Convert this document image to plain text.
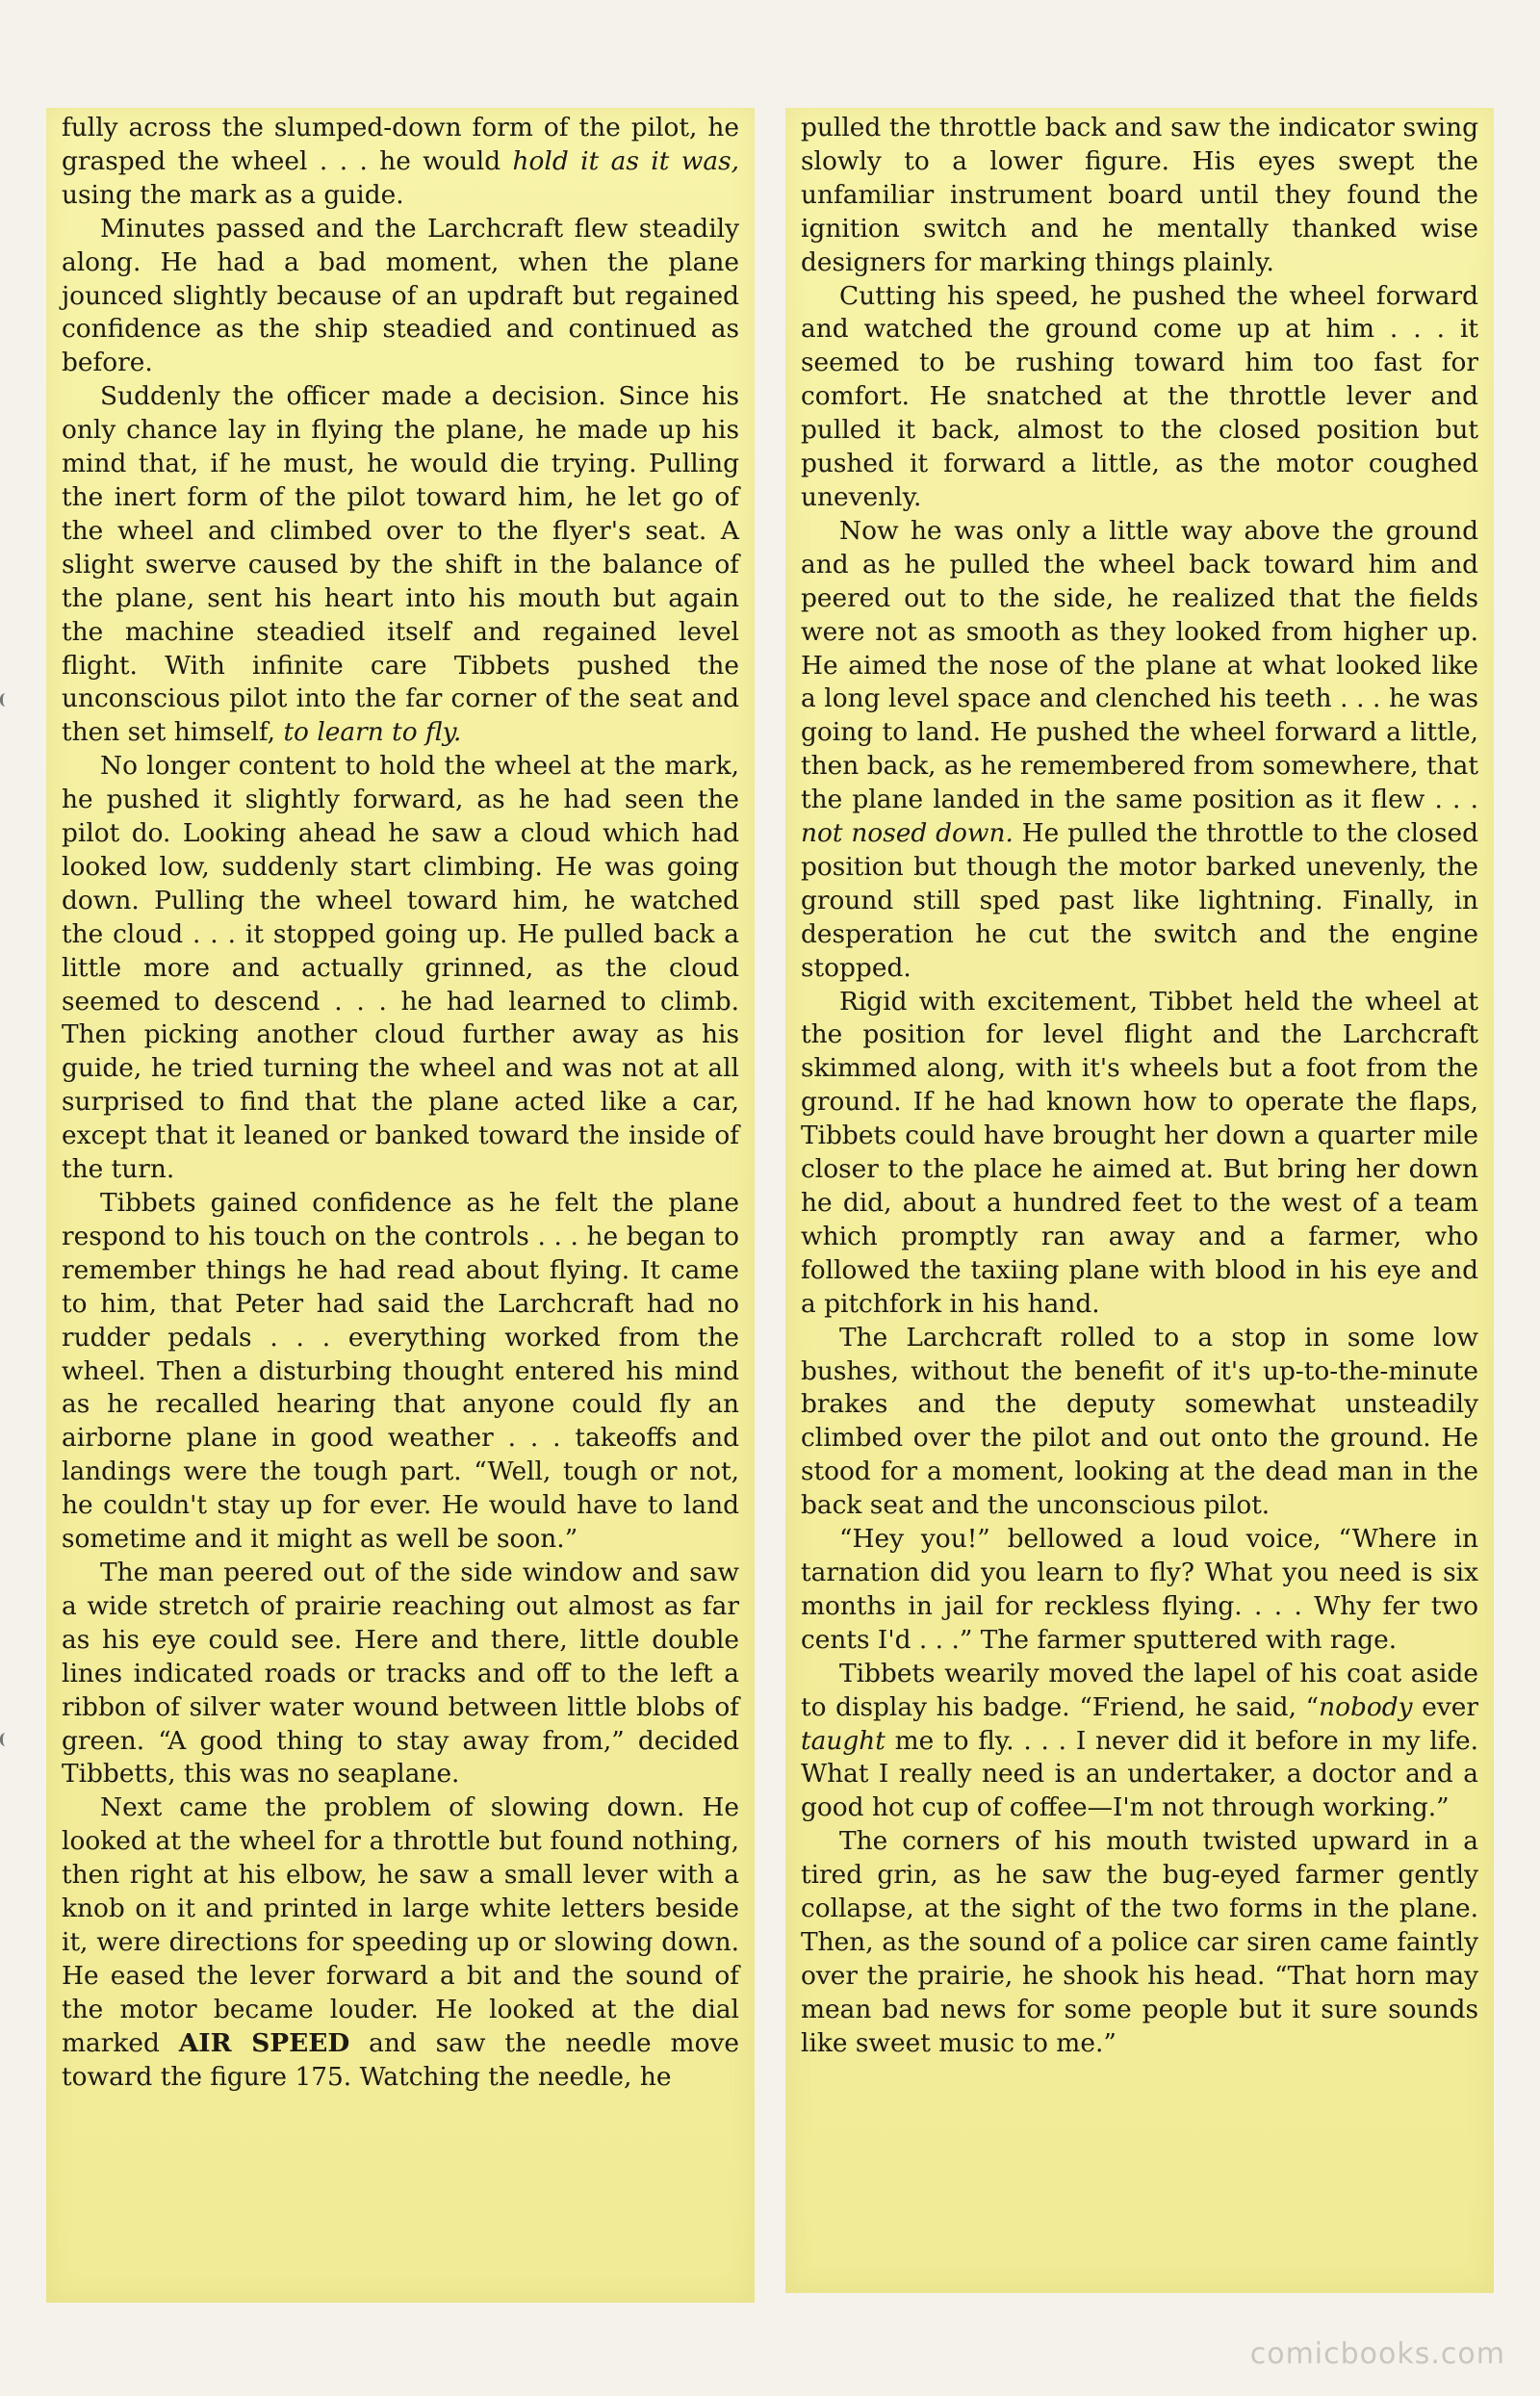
fully across the slumped-down form of the pilot, he grasped the wheel . . . he would hold it as it was, using the mark as a guide.

Minutes passed and the Larchcraft flew steadily along. He had a bad moment, when the plane jounced slightly because of an updraft but regained confidence as the ship steadied and continued as before.

Suddenly the officer made a decision. Since his only chance lay in flying the plane, he made up his mind that, if he must, he would die trying. Pulling the inert form of the pilot toward him, he let go of the wheel and climbed over to the flyer's seat. A slight swerve caused by the shift in the balance of the plane, sent his heart into his mouth but again the machine steadied itself and regained level flight. With infinite care Tibbets pushed the unconscious pilot into the far corner of the seat and then set himself, to learn to fly.

No longer content to hold the wheel at the mark, he pushed it slightly forward, as he had seen the pilot do. Looking ahead he saw a cloud which had looked low, suddenly start climbing. He was going down. Pulling the wheel toward him, he watched the cloud . . . it stopped going up. He pulled back a little more and actually grinned, as the cloud seemed to descend . . . he had learned to climb. Then picking another cloud further away as his guide, he tried turning the wheel and was not at all surprised to find that the plane acted like a car, except that it leaned or banked toward the inside of the turn.

Tibbets gained confidence as he felt the plane respond to his touch on the controls . . . he began to remember things he had read about flying. It came to him, that Peter had said the Larchcraft had no rudder pedals . . . everything worked from the wheel. Then a disturbing thought entered his mind as he recalled hearing that anyone could fly an airborne plane in good weather . . . takeoffs and landings were the tough part. “Well, tough or not, he couldn't stay up for ever. He would have to land sometime and it might as well be soon.”

The man peered out of the side window and saw a wide stretch of prairie reaching out almost as far as his eye could see. Here and there, little double lines indicated roads or tracks and off to the left a ribbon of silver water wound between little blobs of green. “A good thing to stay away from,” decided Tibbetts, this was no seaplane.

Next came the problem of slowing down. He looked at the wheel for a throttle but found nothing, then right at his elbow, he saw a small lever with a knob on it and printed in large white letters beside it, were directions for speeding up or slowing down. He eased the lever forward a bit and the sound of the motor became louder. He looked at the dial marked AIR SPEED and saw the needle move toward the figure 175. Watching the needle, he

pulled the throttle back and saw the indicator swing slowly to a lower figure. His eyes swept the unfamiliar instrument board until they found the ignition switch and he mentally thanked wise designers for marking things plainly.

Cutting his speed, he pushed the wheel forward and watched the ground come up at him . . . it seemed to be rushing toward him too fast for comfort. He snatched at the throttle lever and pulled it back, almost to the closed position but pushed it forward a little, as the motor coughed unevenly.

Now he was only a little way above the ground and as he pulled the wheel back toward him and peered out to the side, he realized that the fields were not as smooth as they looked from higher up. He aimed the nose of the plane at what looked like a long level space and clenched his teeth . . . he was going to land. He pushed the wheel forward a little, then back, as he remembered from somewhere, that the plane landed in the same position as it flew . . . not nosed down. He pulled the throttle to the closed position but though the motor barked unevenly, the ground still sped past like lightning. Finally, in desperation he cut the switch and the engine stopped.

Rigid with excitement, Tibbet held the wheel at the position for level flight and the Larchcraft skimmed along, with it's wheels but a foot from the ground. If he had known how to operate the flaps, Tibbets could have brought her down a quarter mile closer to the place he aimed at. But bring her down he did, about a hundred feet to the west of a team which promptly ran away and a farmer, who followed the taxiing plane with blood in his eye and a pitchfork in his hand.

The Larchcraft rolled to a stop in some low bushes, without the benefit of it's up-to-the-minute brakes and the deputy somewhat unsteadily climbed over the pilot and out onto the ground. He stood for a moment, looking at the dead man in the back seat and the unconscious pilot.

“Hey you!” bellowed a loud voice, “Where in tarnation did you learn to fly? What you need is six months in jail for reckless flying. . . . Why fer two cents I'd . . .” The farmer sputtered with rage.

Tibbets wearily moved the lapel of his coat aside to display his badge. “Friend, he said, “nobody ever taught me to fly. . . . I never did it before in my life. What I really need is an undertaker, a doctor and a good hot cup of coffee—I'm not through working.”

The corners of his mouth twisted upward in a tired grin, as he saw the bug-eyed farmer gently collapse, at the sight of the two forms in the plane. Then, as the sound of a police car siren came faintly over the prairie, he shook his head. “That horn may mean bad news for some people but it sure sounds like sweet music to me.”

comicbooks.com
